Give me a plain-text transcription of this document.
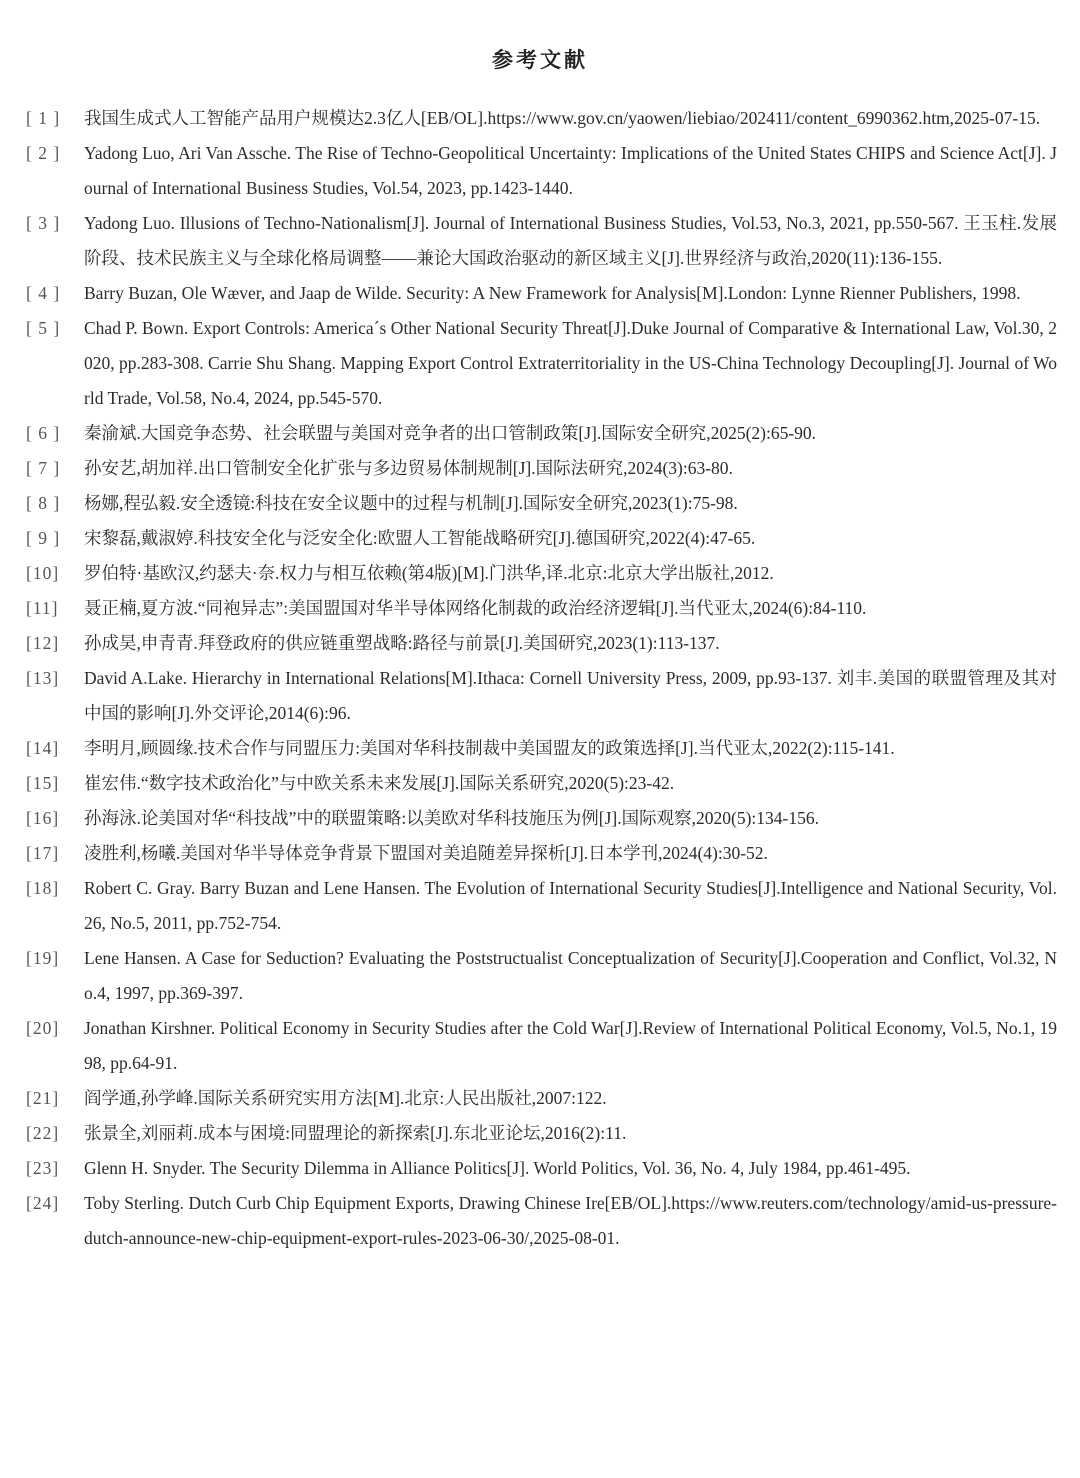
参考文献
[ 1 ]	我国生成式人工智能产品用户规模达2.3亿人[EB/OL].https://www.gov.cn/yaowen/liebiao/202411/content_6990362.htm,2025-07-15.
[ 2 ]	Yadong Luo, Ari Van Assche. The Rise of Techno-Geopolitical Uncertainty: Implications of the United States CHIPS and Science Act[J]. Journal of International Business Studies, Vol.54, 2023, pp.1423-1440.
[ 3 ]	Yadong Luo. Illusions of Techno-Nationalism[J]. Journal of International Business Studies, Vol.53, No.3, 2021, pp.550-567. 王玉柱.发展阶段、技术民族主义与全球化格局调整——兼论大国政治驱动的新区域主义[J].世界经济与政治,2020(11):136-155.
[ 4 ]	Barry Buzan, Ole Wæver, and Jaap de Wilde. Security: A New Framework for Analysis[M].London: Lynne Rienner Publishers, 1998.
[ 5 ]	Chad P. Bown. Export Controls: America´s Other National Security Threat[J].Duke Journal of Comparative & International Law, Vol.30, 2020, pp.283-308. Carrie Shu Shang. Mapping Export Control Extraterritoriality in the US-China Technology Decoupling[J]. Journal of World Trade, Vol.58, No.4, 2024, pp.545-570.
[ 6 ]	秦渝斌.大国竞争态势、社会联盟与美国对竞争者的出口管制政策[J].国际安全研究,2025(2):65-90.
[ 7 ]	孙安艺,胡加祥.出口管制安全化扩张与多边贸易体制规制[J].国际法研究,2024(3):63-80.
[ 8 ]	杨娜,程弘毅.安全透镜:科技在安全议题中的过程与机制[J].国际安全研究,2023(1):75-98.
[ 9 ]	宋黎磊,戴淑婷.科技安全化与泛安全化:欧盟人工智能战略研究[J].德国研究,2022(4):47-65.
[10]	罗伯特·基欧汉,约瑟夫·奈.权力与相互依赖(第4版)[M].门洪华,译.北京:北京大学出版社,2012.
[11]	聂正楠,夏方波.“同袍异志”:美国盟国对华半导体网络化制裁的政治经济逻辑[J].当代亚太,2024(6):84-110.
[12]	孙成昊,申青青.拜登政府的供应链重塑战略:路径与前景[J].美国研究,2023(1):113-137.
[13]	David A.Lake. Hierarchy in International Relations[M].Ithaca: Cornell University Press, 2009, pp.93-137. 刘丰.美国的联盟管理及其对中国的影响[J].外交评论,2014(6):96.
[14]	李明月,顾圆缘.技术合作与同盟压力:美国对华科技制裁中美国盟友的政策选择[J].当代亚太,2022(2):115-141.
[15]	崔宏伟.“数字技术政治化”与中欧关系未来发展[J].国际关系研究,2020(5):23-42.
[16]	孙海泳.论美国对华“科技战”中的联盟策略:以美欧对华科技施压为例[J].国际观察,2020(5):134-156.
[17]	凌胜利,杨曦.美国对华半导体竞争背景下盟国对美追随差异探析[J].日本学刊,2024(4):30-52.
[18]	Robert C. Gray. Barry Buzan and Lene Hansen. The Evolution of International Security Studies[J].Intelligence and National Security, Vol.26, No.5, 2011, pp.752-754.
[19]	Lene Hansen. A Case for Seduction? Evaluating the Poststructualist Conceptualization of Security[J].Cooperation and Conflict, Vol.32, No.4, 1997, pp.369-397.
[20]	Jonathan Kirshner. Political Economy in Security Studies after the Cold War[J].Review of International Political Economy, Vol.5, No.1, 1998, pp.64-91.
[21]	阎学通,孙学峰.国际关系研究实用方法[M].北京:人民出版社,2007:122.
[22]	张景全,刘丽莉.成本与困境:同盟理论的新探索[J].东北亚论坛,2016(2):11.
[23]	Glenn H. Snyder. The Security Dilemma in Alliance Politics[J]. World Politics, Vol. 36, No. 4, July 1984, pp.461-495.
[24]	Toby Sterling. Dutch Curb Chip Equipment Exports, Drawing Chinese Ire[EB/OL].https://www.reuters.com/technology/amid-us-pressure-dutch-announce-new-chip-equipment-export-rules-2023-06-30/,2025-08-01.
